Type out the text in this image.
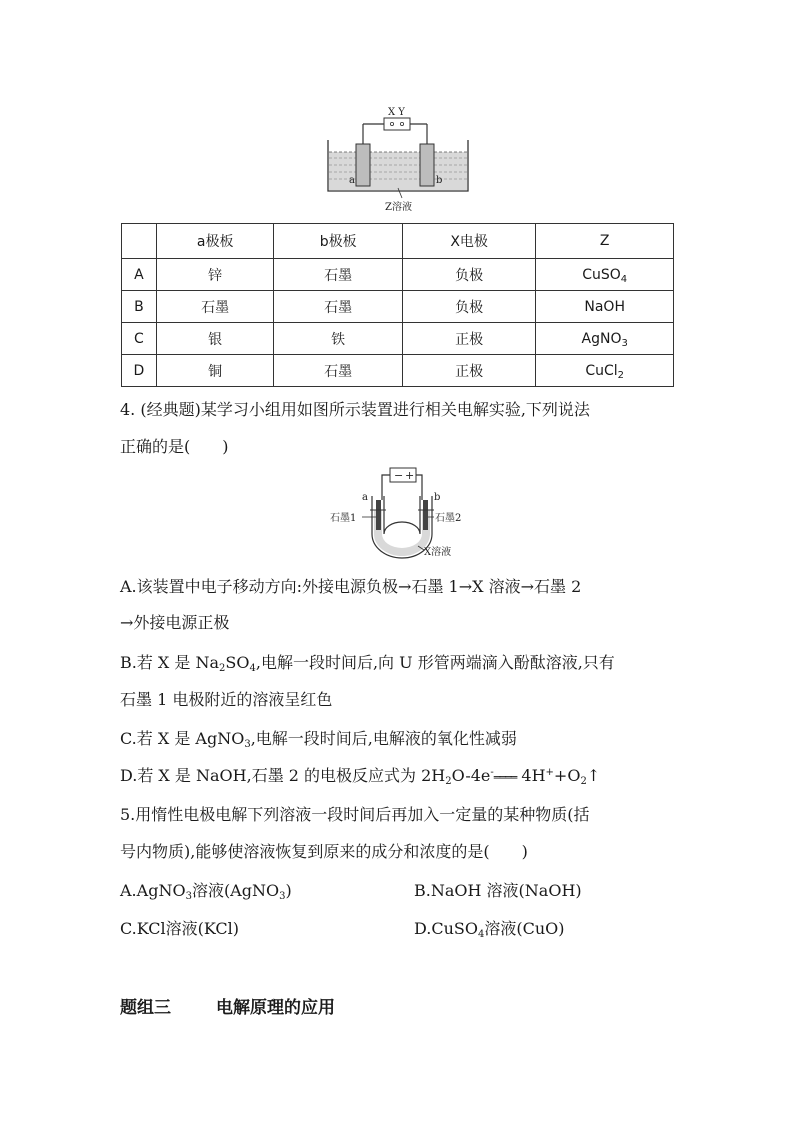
X Y
a	b
Z溶液
	a极板	b极板	X电极	Z
A	锌	石墨	负极	CuSO$_4$
B	石墨	石墨	负极	NaOH
C	银	铁	正极	AgNO$_3$
D	铜	石墨	正极	CuCl$_2$
4. (经典题)某学习小组用如图所示装置进行相关电解实验,下列说法
正确的是(　　)
− +
a	b
石墨1	石墨2
X溶液
A.该装置中电子移动方向:外接电源负极→石墨 1→X 溶液→石墨 2
→外接电源正极
B.若 X 是 $Na_2SO_4$,电解一段时间后,向 U 形管两端滴入酚酞溶液,只有
石墨 1 电极附近的溶液呈红色
C.若 X 是 AgNO$_3$,电解一段时间后,电解液的氧化性减弱
D.若 X 是 NaOH,石墨 2 的电极反应式为 $2H_2O-4e^-════$ $4H^++O_2↑$
5.用惰性电极电解下列溶液一段时间后再加入一定量的某种物质(括
号内物质),能够使溶液恢复到原来的成分和浓度的是(　　)
A.AgNO$_3$溶液(AgNO$_3$)	B.NaOH 溶液(NaOH)
C.KCl溶液(KCl)	D.CuSO$_4$溶液(CuO)
题组三	电解原理的应用
